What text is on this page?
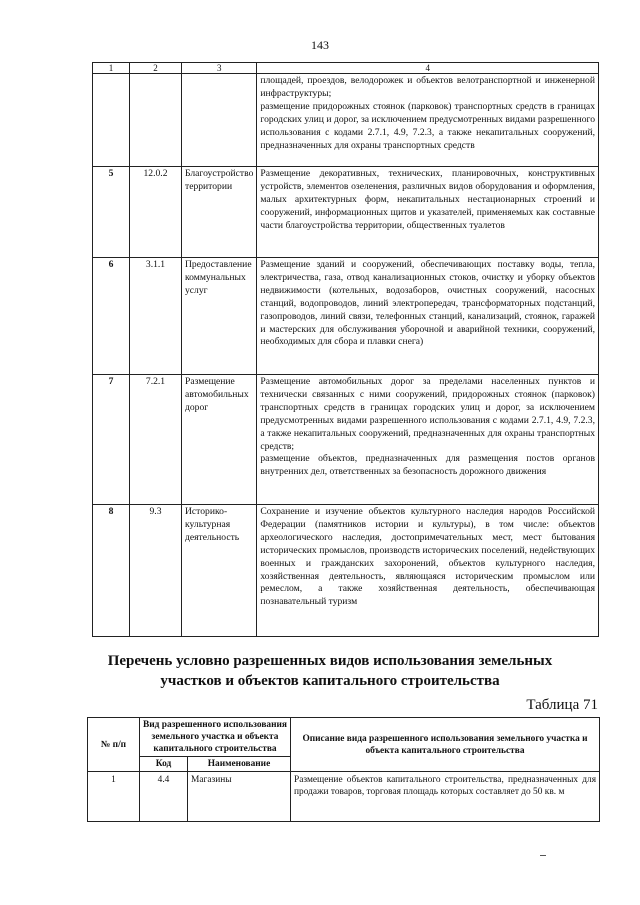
143
1	2	3	4

			площадей, проездов, велодорожек и объектов велотранспортной и инженерной инфраструктуры;

размещение придорожных стоянок (парковок) транспортных средств в границах городских улиц и дорог, за исключением предусмотренных видами разрешенного использования с кодами 2.7.1, 4.9, 7.2.3, а также некапитальных сооружений, предназначенных для охраны транспортных средств

5	12.0.2	Благоустройство территории	Размещение декоративных, технических, планировочных, конструктивных устройств, элементов озеленения, различных видов оборудования и оформления, малых архитектурных форм, некапитальных нестационарных строений и сооружений, информационных щитов и указателей, применяемых как составные части благоустройства территории, общественных туалетов

6	3.1.1	Предоставление коммунальных услуг	Размещение зданий и сооружений, обеспечивающих поставку воды, тепла, электричества, газа, отвод канализационных стоков, очистку и уборку объектов недвижимости (котельных, водозаборов, очистных сооружений, насосных станций, водопроводов, линий электропередач, трансформаторных подстанций, газопроводов, линий связи, телефонных станций, канализаций, стоянок, гаражей и мастерских для обслуживания уборочной и аварийной техники, сооружений, необходимых для сбора и плавки снега)

7	7.2.1	Размещение автомобильных дорог	Размещение автомобильных дорог за пределами населенных пунктов и технически связанных с ними сооружений, придорожных стоянок (парковок) транспортных средств в границах городских улиц и дорог, за исключением предусмотренных видами разрешенного использования с кодами 2.7.1, 4.9, 7.2.3, а также некапитальных сооружений, предназначенных для охраны транспортных средств;

размещение объектов, предназначенных для размещения постов органов внутренних дел, ответственных за безопасность дорожного движения

8	9.3	Историко-культурная деятельность	Сохранение и изучение объектов культурного наследия народов Российской Федерации (памятников истории и культуры), в том числе: объектов археологического наследия, достопримечательных мест, мест бытования исторических промыслов, производств исторических поселений, недействующих военных и гражданских захоронений, объектов культурного наследия, хозяйственная деятельность, являющаяся историческим промыслом или ремеслом, а также хозяйственная деятельность, обеспечивающая познавательный туризм

Перечень условно разрешенных видов использования земельных участков и объектов капитального строительства
Таблица 71
№ п/п	Вид разрешенного использования земельного участка и объекта капитального строительства		Описание вида разрешенного использования земельного участка и объекта капитального строительства
	Код	Наименование	
1	4.4	Магазины	Размещение объектов капитального строительства, предназначенных для продажи товаров, торговая площадь которых составляет до 50 кв. м
